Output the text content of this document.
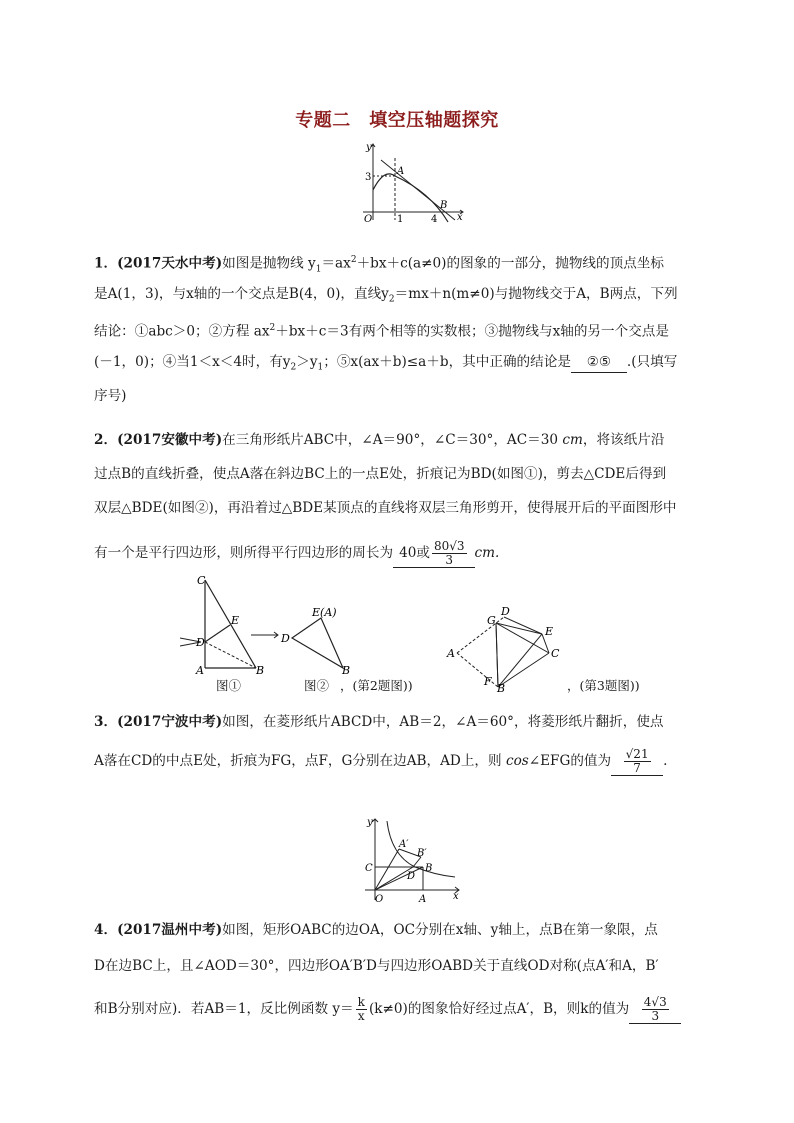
专题二　填空压轴题探究
y
x
O
3
1	4
A
B
1．(2017天水中考)如图是抛物线 $y_1=ax^2+bx+c(a\ne 0)$的图象的一部分，抛物线的顶点坐标
是A(1，3)，与x轴的一个交点是B(4，0)，直线$y_2=mx+n(m\ne 0)$与抛物线交于A，B两点，下列
结论：①abc＞0；②方程 $ax^2+bx+c=3$有两个相等的实数根；③抛物线与x轴的另一个交点是
(－1，0)；④当1＜x＜4时，有$y_2>y_1$；⑤x(ax＋b)≤a＋b，其中正确的结论是 ②⑤ .(只填写
序号)
2．(2017安徽中考)在三角形纸片ABC中，∠A＝90°，∠C＝30°，AC＝30 cm，将该纸片沿
过点B的直线折叠，使点A落在斜边BC上的一点E处，折痕记为BD(如图①)，剪去△CDE后得到
双层△BDE(如图②)，再沿着过△BDE某顶点的直线将双层三角形剪开，使得展开后的平面图形中
有一个是平行四边形，则所得平行四边形的周长为 40或 $\frac{80√3}{3}$ cm.
C
E
D
A	B
E(A)
D
B
G
D
E
A	C
F
B
图①	图② ，(第2题图))	，(第3题图))
3．(2017宁波中考)如图，在菱形纸片ABCD中，AB＝2，∠A＝60°，将菱形纸片翻折，使点
A落在CD的中点E处，折痕为FG，点F，G分别在边AB，AD上，则 cos∠EFG的值为 $\frac{√21}{7}$ .
y
x
O
A′
B′
C
D
B
A
4．(2017温州中考)如图，矩形OABC的边OA，OC分别在x轴、y轴上，点B在第一象限，点
D在边BC上，且∠AOD＝30°，四边形OA′B′D与四边形OABD关于直线OD对称(点A′和A，B′
和B分别对应)．若AB＝1，反比例函数 $y= \frac{k}{x} (k\ne 0)$的图象恰好经过点A′，B，则k的值为 $\frac{4√3}{3}$
